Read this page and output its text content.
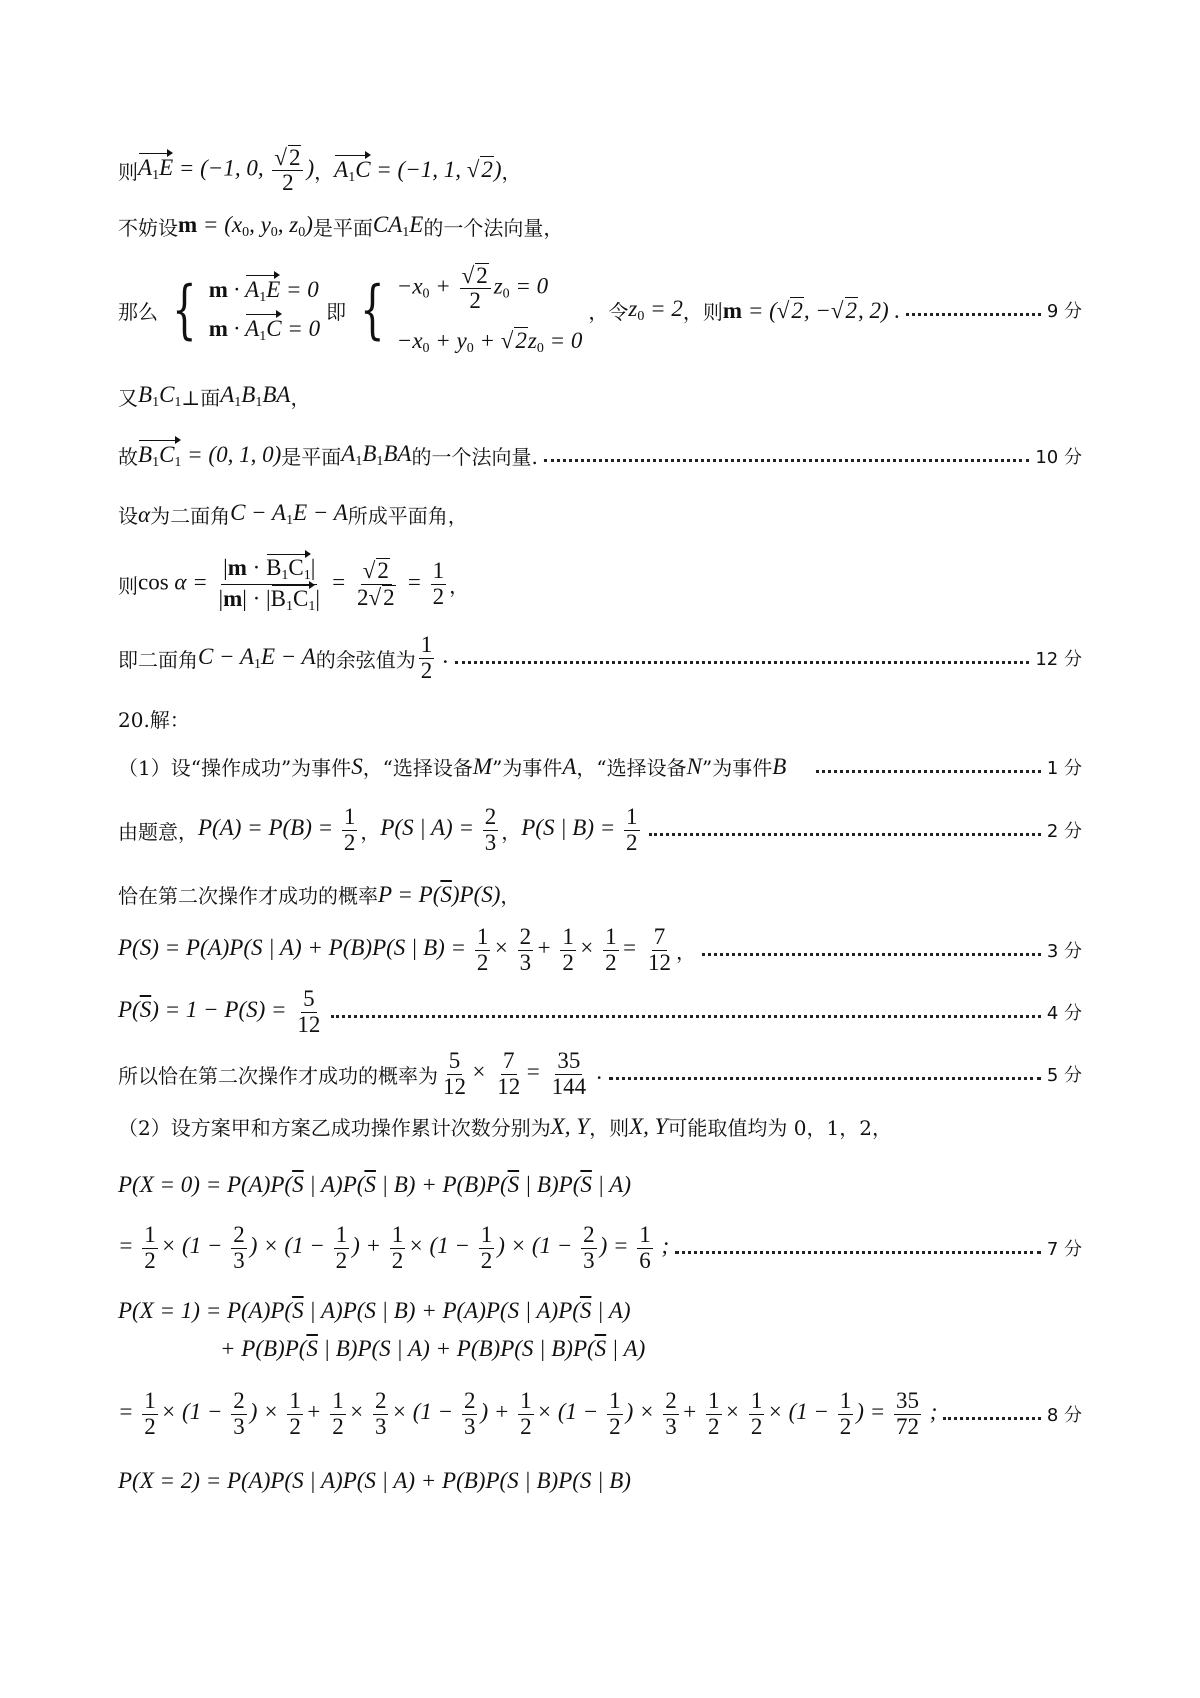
则 $A_1E = (-1$, 0, √ $\frac{2}{2}$ ) ， $A_1C = (-1$, 1, √ 2) ，
不妨设 $m = (x_0$, $y_0$, $z_0$) 是平面 $CA_1E$ 的一个法向量，
那么 { $m \cdot A_1E = 0$
$m \cdot A_1C = 0$
即 { $-x_0$ + √ $\frac{2}{2} z_0 = 0$
$-x_0 + y_0$ + √ $2z_0 = 0$
，令 $z_0 = 2$ ，则 m = ( √ 2, − √ 2, 2) .	9 分
又 $B_1C_1$ ⊥面 $A_1B_1BA$ ，
故 $B_1C_1 = (0$, 1, 0) 是平面 $A_1B_1BA$ 的一个法向量.	10 分
设 α 为二面角 $C - A_1E - A$ 所成平面角，
则 $\cos \alpha = \frac{|m \cdot B_1C_1|}{|m| \cdot |B_1C_1|}$ = √ $\frac{2}{2 √ 2} = \frac{1}{2}$ ，
即二面角 $C - A_1E - A$ 的余弦值为 $\frac{1}{2}$ .	12 分
20.解：
（1）设“操作成功”为事件 S ，“选择设备 M ”为事件 A ，“选择设备 N ”为事件 B	1 分
由题意， $P(A) = P(B) = \frac{1}{2}$ ， P(S | $A) = \frac{2}{3}$ ， P(S | $B) = \frac{1}{2}$	2 分
恰在第二次操作才成功的概率 $P = P(\overline{S})P(S)$ ，
P(S) = P(A)P(S | A) + P(B)P(S | $B) = \frac{1}{2} \times \frac{2}{3} + \frac{1}{2} \times \frac{1}{2} = \frac{7}{12}$ ，	3 分
$P(\overline{S}) = 1 - P(S) = \frac{5}{12}$	4 分
所以恰在第二次操作才成功的概率为 $\frac{5}{12} \times \frac{7}{12} = \frac{35}{144}$ .	5 分
（2）设方案甲和方案乙成功操作累计次数分别为 X, Y ，则 X, Y 可能取值均为 0，1，2，
$P(X = 0) = P(A)P(\overline{S}$ | $A)P(\overline{S}$ | $B) + P(B)P(\overline{S}$ | $B)P(\overline{S}$ | A)
= $\frac{1}{2} \times (1 - \frac{2}{3}$ ) × ($1 - \frac{1}{2}$ ) + $\frac{1}{2} \times (1 - \frac{1}{2}$ ) × ($1 - \frac{2}{3}$ ) = $\frac{1}{6}$ ;	7 分
$P(X = 1) = P(A)P(\overline{S}$ | A)P(S | B) + P(A)P(S | $A)P(\overline{S}$ | A)
+ $P(B)P(\overline{S}$ | B)P(S | A) + P(B)P(S | $B)P(\overline{S}$ | A)
= $\frac{1}{2} \times (1 - \frac{2}{3}$ ) × $\frac{1}{2} + \frac{1}{2} \times \frac{2}{3} \times (1 - \frac{2}{3}$ ) + $\frac{1}{2} \times (1 - \frac{1}{2}$ ) × $\frac{2}{3} + \frac{1}{2} \times \frac{1}{2} \times (1 - \frac{1}{2}$ ) = $\frac{35}{72}$ ;	8 分
P(X = 2) = P(A)P(S | A)P(S | A) + P(B)P(S | B)P(S | B)
